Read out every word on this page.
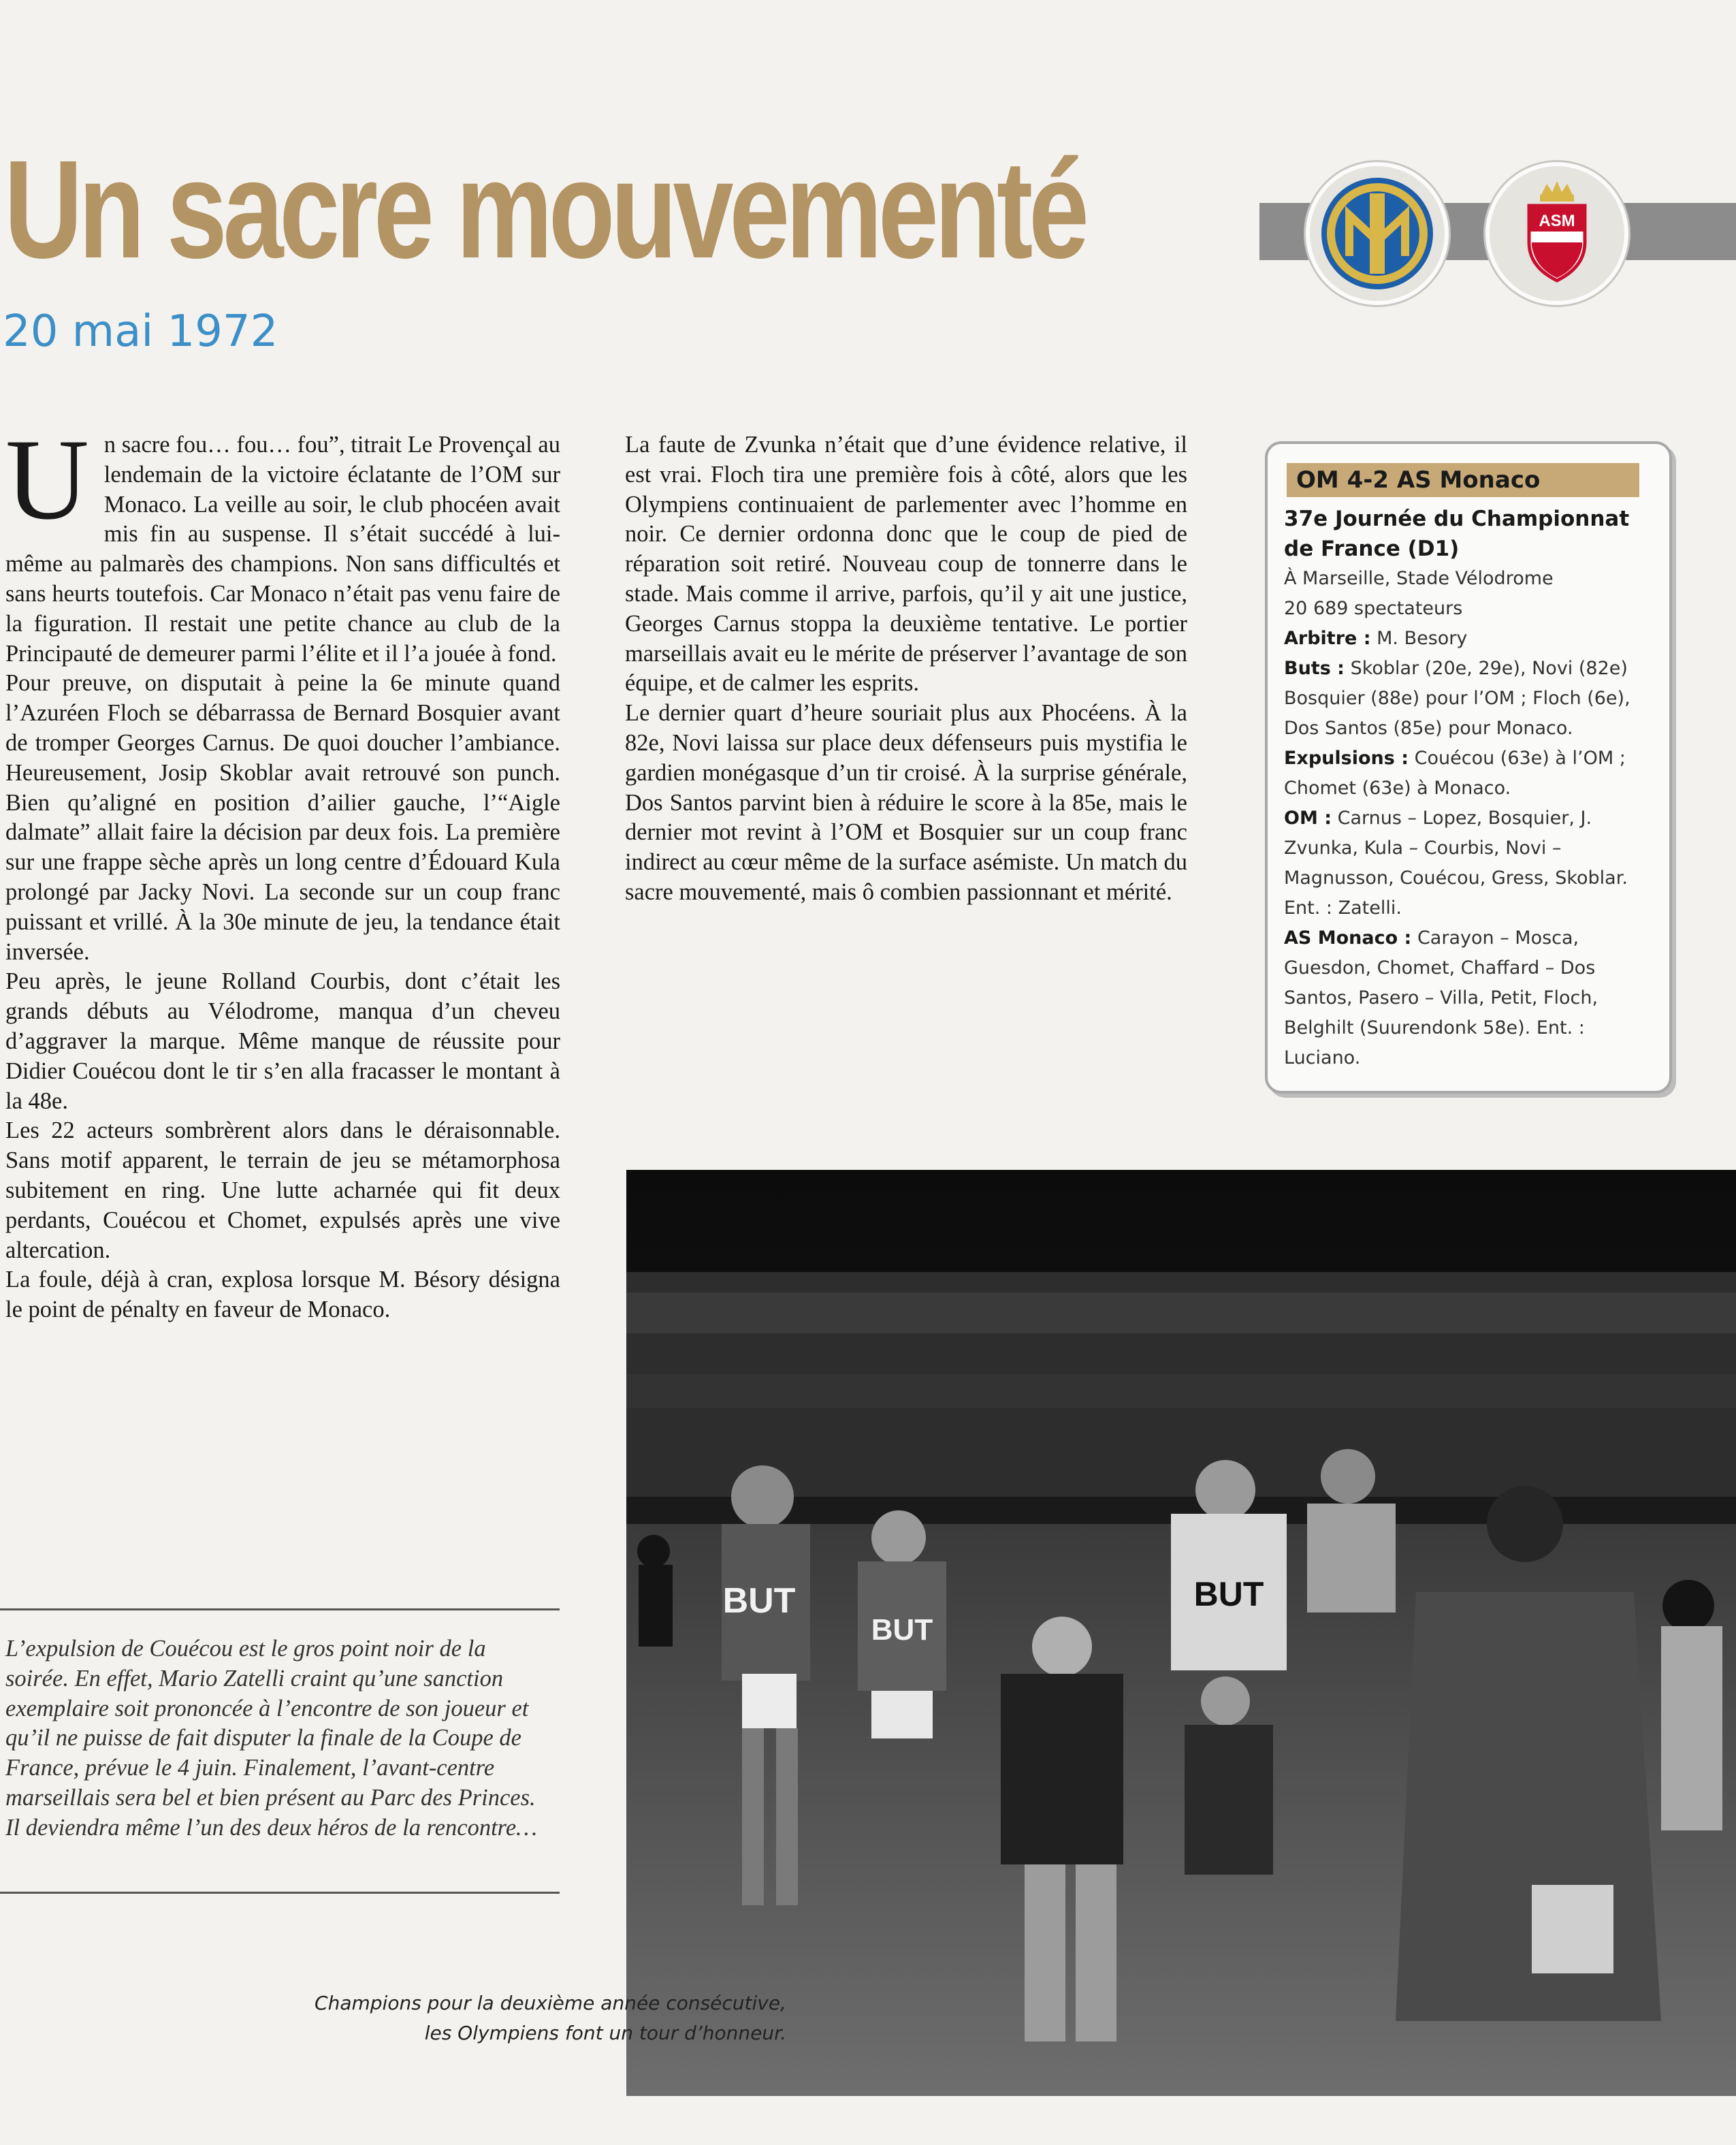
Un sacre mouvementé
20 mai 1972
ASM
U n sacre fou… fou… fou”, titrait Le Provençal au lendemain de la victoire éclatante de l’OM sur Monaco. La veille au soir, le club phocéen avait mis fin au suspense. Il s’était succédé à lui-même au palmarès des champions. Non sans difficultés et sans heurts toutefois. Car Monaco n’était pas venu faire de la figuration. Il restait une petite chance au club de la Principauté de demeurer parmi l’élite et il l’a jouée à fond.

Pour preuve, on disputait à peine la 6e minute quand l’Azuréen Floch se débarrassa de Bernard Bosquier avant de tromper Georges Carnus. De quoi doucher l’ambiance. Heureusement, Josip Skoblar avait retrouvé son punch. Bien qu’aligné en position d’ailier gauche, l’“Aigle dalmate” allait faire la décision par deux fois. La première sur une frappe sèche après un long centre d’Édouard Kula prolongé par Jacky Novi. La seconde sur un coup franc puissant et vrillé. À la 30e minute de jeu, la tendance était inversée.

Peu après, le jeune Rolland Courbis, dont c’était les grands débuts au Vélodrome, manqua d’un cheveu d’aggraver la marque. Même manque de réussite pour Didier Couécou dont le tir s’en alla fracasser le montant à la 48e.

Les 22 acteurs sombrèrent alors dans le déraisonnable. Sans motif apparent, le terrain de jeu se métamorphosa subitement en ring. Une lutte acharnée qui fit deux perdants, Couécou et Chomet, expulsés après une vive altercation.

La foule, déjà à cran, explosa lorsque M. Bésory désigna le point de pénalty en faveur de Monaco.

La faute de Zvunka n’était que d’une évidence relative, il est vrai. Floch tira une première fois à côté, alors que les Olympiens continuaient de parlementer avec l’homme en noir. Ce dernier ordonna donc que le coup de pied de réparation soit retiré. Nouveau coup de tonnerre dans le stade. Mais comme il arrive, parfois, qu’il y ait une justice, Georges Carnus stoppa la deuxième tentative. Le portier marseillais avait eu le mérite de préserver l’avantage de son équipe, et de calmer les esprits.

Le dernier quart d’heure souriait plus aux Phocéens. À la 82e, Novi laissa sur place deux défenseurs puis mystifia le gardien monégasque d’un tir croisé. À la surprise générale, Dos Santos parvint bien à réduire le score à la 85e, mais le dernier mot revint à l’OM et Bosquier sur un coup franc indirect au cœur même de la surface asémiste. Un match du sacre mouvementé, mais ô combien passionnant et mérité.

OM 4-2 AS Monaco
37e Journée du Championnat de France (D1)
À Marseille, Stade Vélodrome
20 689 spectateurs
Arbitre : M. Besory
Buts : Skoblar (20e, 29e), Novi (82e) Bosquier (88e) pour l’OM ; Floch (6e), Dos Santos (85e) pour Monaco.
Expulsions : Couécou (63e) à l’OM ; Chomet (63e) à Monaco.
OM : Carnus – Lopez, Bosquier, J. Zvunka, Kula – Courbis, Novi – Magnusson, Couécou, Gress, Skoblar. Ent. : Zatelli.
AS Monaco : Carayon – Mosca, Guesdon, Chomet, Chaffard – Dos Santos, Pasero – Villa, Petit, Floch, Belghilt (Suurendonk 58e). Ent. : Luciano.
L’expulsion de Couécou est le gros point noir de la soirée. En effet, Mario Zatelli craint qu’une sanction exemplaire soit prononcée à l’encontre de son joueur et qu’il ne puisse de fait disputer la finale de la Coupe de France, prévue le 4 juin. Finalement, l’avant-centre marseillais sera bel et bien présent au Parc des Princes. Il deviendra même l’un des deux héros de la rencontre…
BUT
BUT
BUT
Champions pour la deuxième année consécutive,
les Olympiens font un tour d’honneur.
